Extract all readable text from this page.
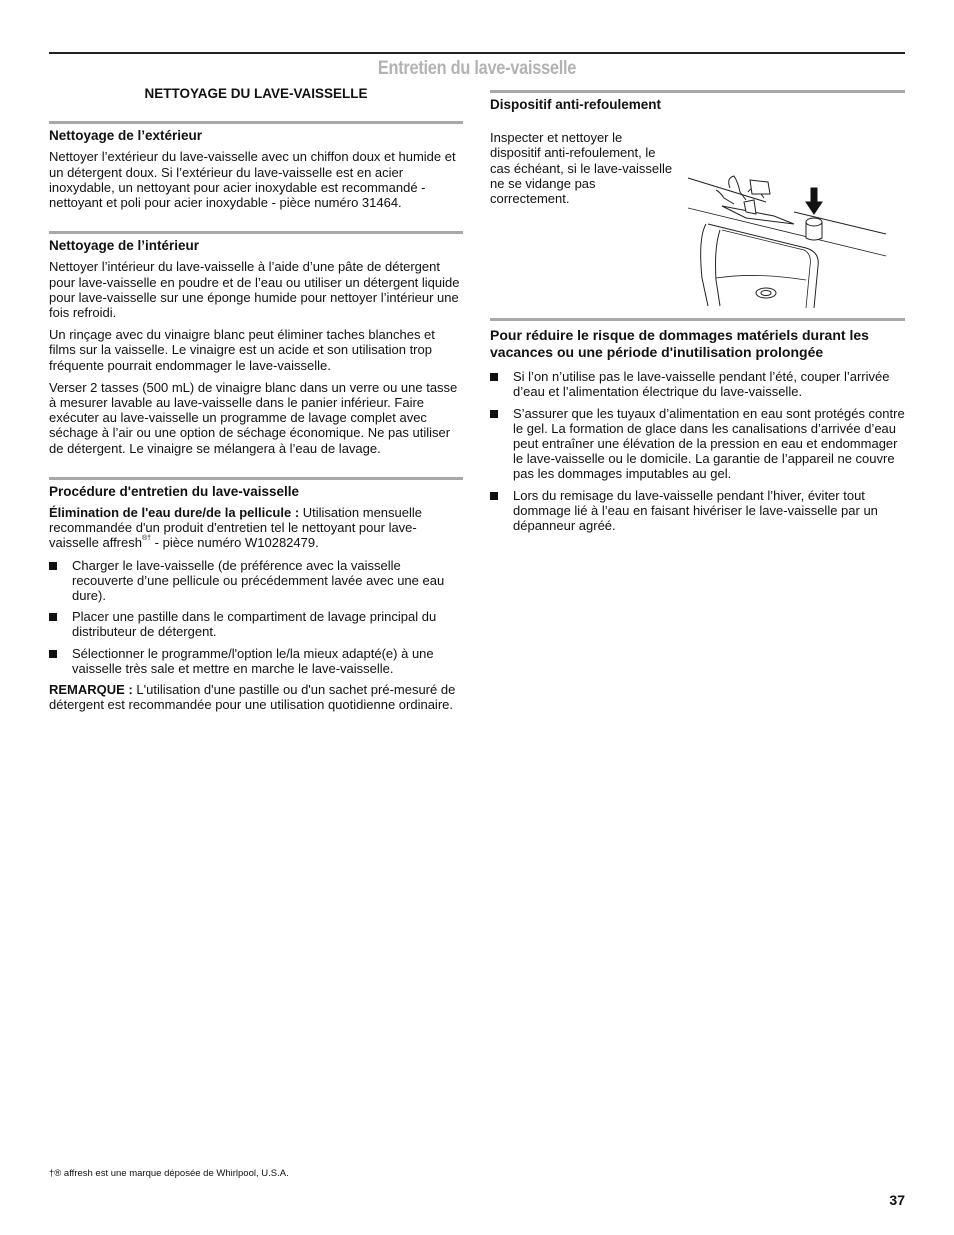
Entretien du lave-vaisselle
NETTOYAGE DU LAVE-VAISSELLE
Nettoyage de l’extérieur

Nettoyer l’extérieur du lave-vaisselle avec un chiffon doux et humide et un détergent doux. Si l’extérieur du lave-vaisselle est en acier inoxydable, un nettoyant pour acier inoxydable est recommandé - nettoyant et poli pour acier inoxydable - pièce numéro 31464.

Nettoyage de l’intérieur

Nettoyer l’intérieur du lave-vaisselle à l’aide d’une pâte de détergent pour lave-vaisselle en poudre et de l’eau ou utiliser un détergent liquide pour lave-vaisselle sur une éponge humide pour nettoyer l’intérieur une fois refroidi.

Un rinçage avec du vinaigre blanc peut éliminer taches blanches et films sur la vaisselle. Le vinaigre est un acide et son utilisation trop fréquente pourrait endommager le lave-vaisselle.

Verser 2 tasses (500 mL) de vinaigre blanc dans un verre ou une tasse à mesurer lavable au lave-vaisselle dans le panier inférieur. Faire exécuter au lave-vaisselle un programme de lavage complet avec séchage à l’air ou une option de séchage économique. Ne pas utiliser de détergent. Le vinaigre se mélangera à l’eau de lavage.

Procédure d'entretien du lave-vaisselle

Élimination de l'eau dure/de la pellicule : Utilisation mensuelle recommandée d'un produit d'entretien tel le nettoyant pour lave-vaisselle affresh®† - pièce numéro W10282479.

Charger le lave-vaisselle (de préférence avec la vaisselle recouverte d’une pellicule ou précédemment lavée avec une eau dure).
Placer une pastille dans le compartiment de lavage principal du distributeur de détergent.
Sélectionner le programme/l'option le/la mieux adapté(e) à une vaisselle très sale et mettre en marche le lave-vaisselle.

REMARQUE : L'utilisation d'une pastille ou d'un sachet pré-mesuré de détergent est recommandée pour une utilisation quotidienne ordinaire.

Dispositif anti-refoulement

Inspecter et nettoyer le dispositif anti-refoulement, le cas échéant, si le lave-vaisselle ne se vidange pas correctement.

Pour réduire le risque de dommages matériels durant les vacances ou une période d'inutilisation prolongée
Si l’on n’utilise pas le lave-vaisselle pendant l’été, couper l’arrivée d’eau et l’alimentation électrique du lave-vaisselle.
S’assurer que les tuyaux d’alimentation en eau sont protégés contre le gel. La formation de glace dans les canalisations d’arrivée d’eau peut entraîner une élévation de la pression en eau et endommager le lave-vaisselle ou le domicile. La garantie de l’appareil ne couvre pas les dommages imputables au gel.
Lors du remisage du lave-vaisselle pendant l’hiver, éviter tout dommage lié à l’eau en faisant hivériser le lave-vaisselle par un dépanneur agréé.
†® affresh est une marque déposée de Whirlpool, U.S.A.
37
